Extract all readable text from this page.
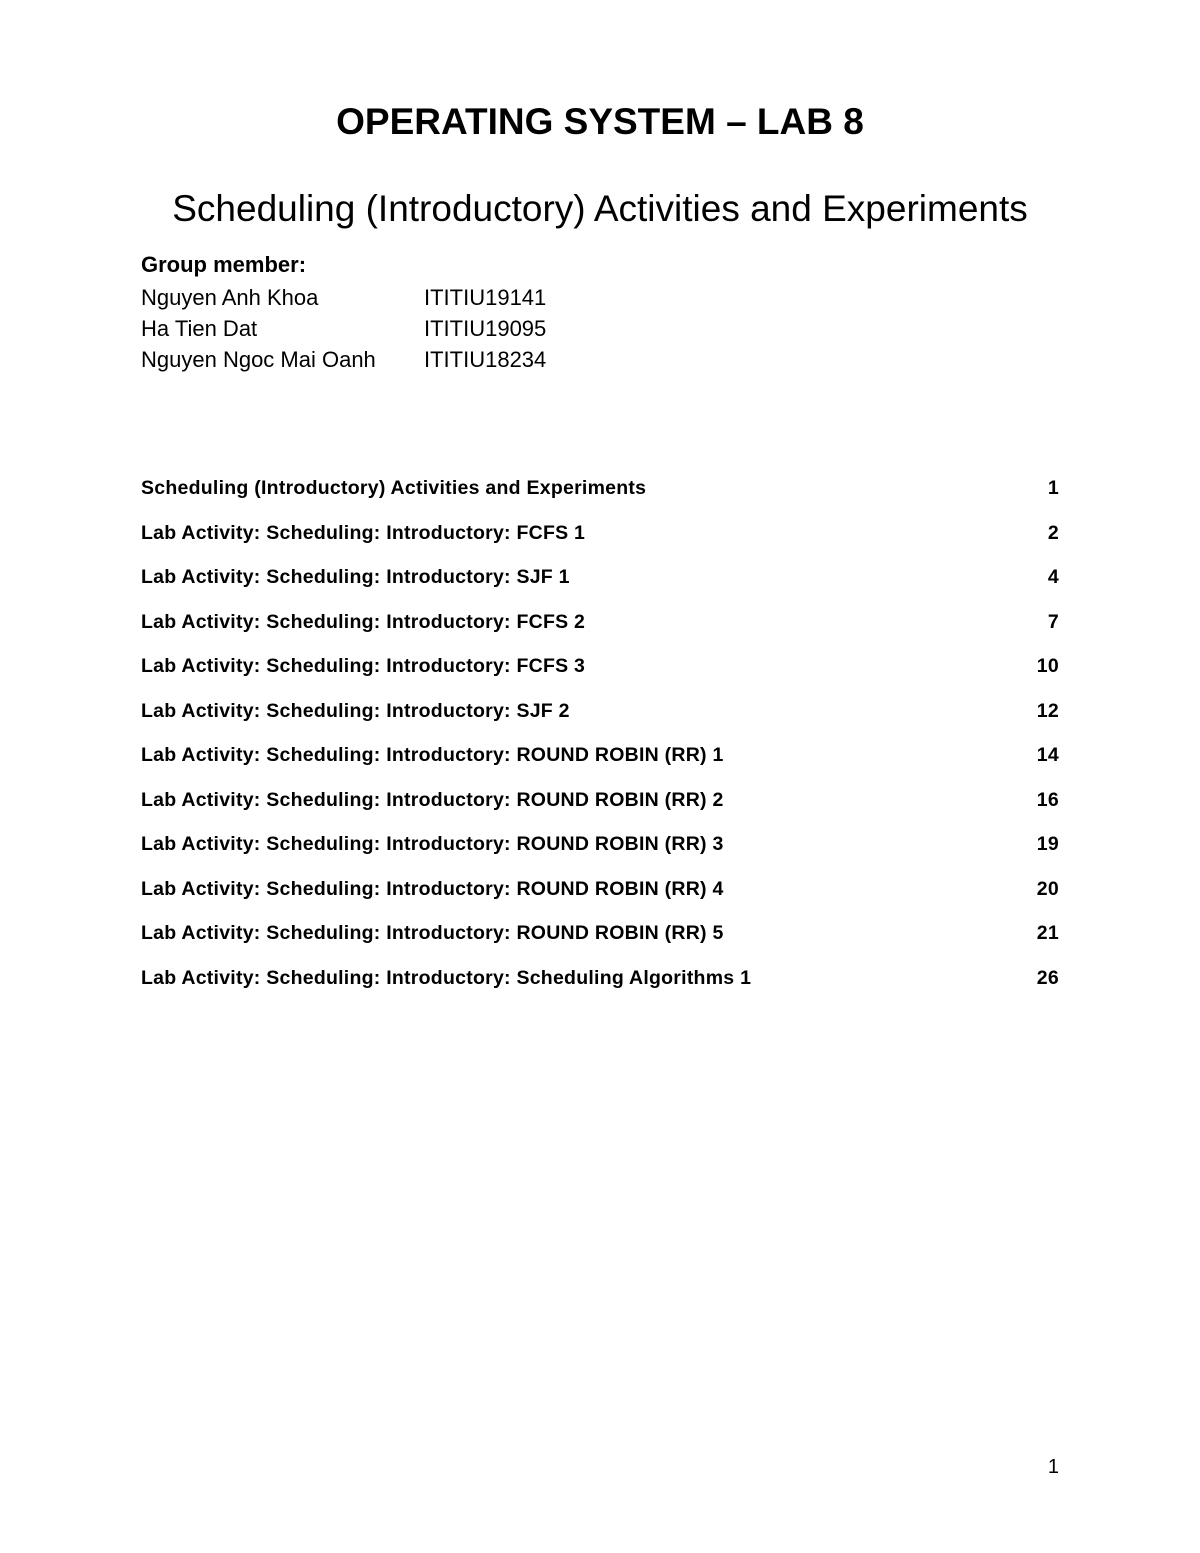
OPERATING SYSTEM – LAB 8
Scheduling (Introductory) Activities and Experiments
Group member:
Nguyen Anh Khoa	ITITIU19141
Ha Tien Dat	ITITIU19095
Nguyen Ngoc Mai Oanh	ITITIU18234
Scheduling (Introductory) Activities and Experiments	1
Lab Activity: Scheduling: Introductory: FCFS 1	2
Lab Activity: Scheduling: Introductory: SJF 1	4
Lab Activity: Scheduling: Introductory: FCFS 2	7
Lab Activity: Scheduling: Introductory: FCFS 3	10
Lab Activity: Scheduling: Introductory: SJF 2	12
Lab Activity: Scheduling: Introductory: ROUND ROBIN (RR) 1	14
Lab Activity: Scheduling: Introductory: ROUND ROBIN (RR) 2	16
Lab Activity: Scheduling: Introductory: ROUND ROBIN (RR) 3	19
Lab Activity: Scheduling: Introductory: ROUND ROBIN (RR) 4	20
Lab Activity: Scheduling: Introductory: ROUND ROBIN (RR) 5	21
Lab Activity: Scheduling: Introductory: Scheduling Algorithms 1	26
1
